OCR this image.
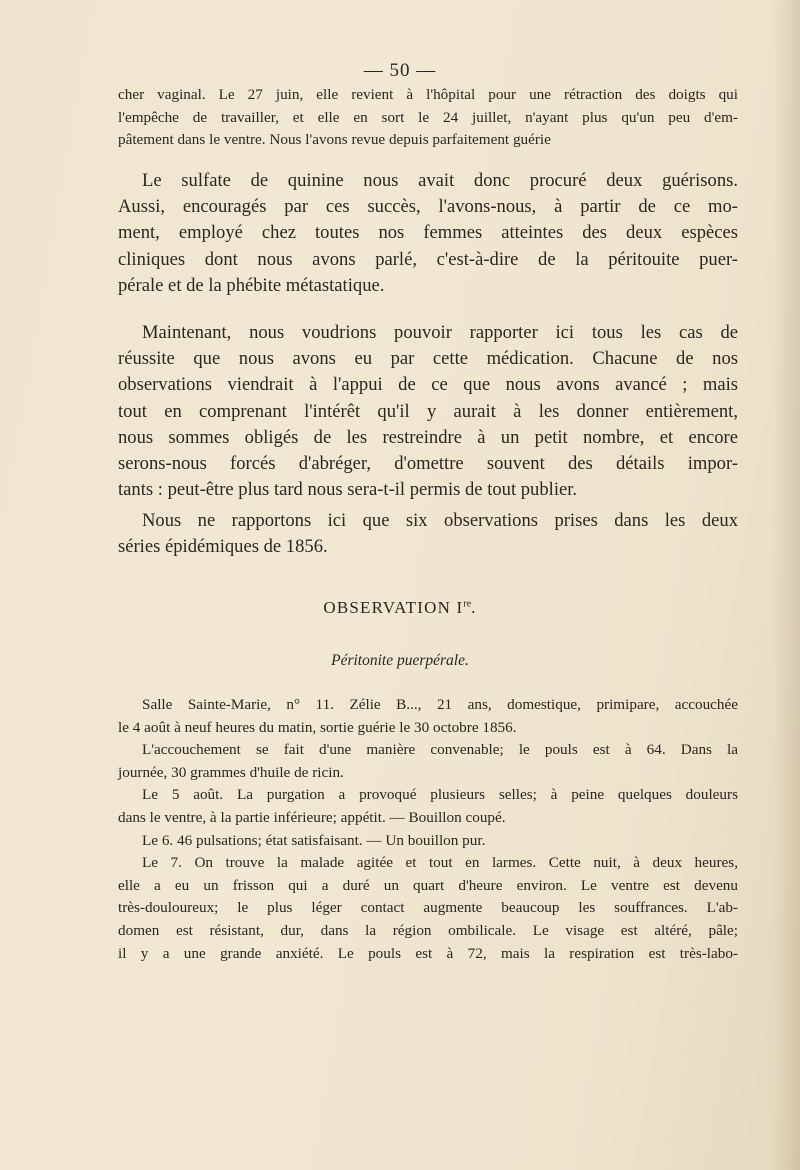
— 50 —
cher vaginal. Le 27 juin, elle revient à l'hôpital pour une rétraction des doigts qui
l'empêche de travailler, et elle en sort le 24 juillet, n'ayant plus qu'un peu d'em-
pâtement dans le ventre. Nous l'avons revue depuis parfaitement guérie
Le sulfate de quinine nous avait donc procuré deux guérisons.
Aussi, encouragés par ces succès, l'avons-nous, à partir de ce mo-
ment, employé chez toutes nos femmes atteintes des deux espèces
cliniques dont nous avons parlé, c'est-à-dire de la péritouite puer-
pérale et de la phébite métastatique.
Maintenant, nous voudrions pouvoir rapporter ici tous les cas de
réussite que nous avons eu par cette médication. Chacune de nos
observations viendrait à l'appui de ce que nous avons avancé ; mais
tout en comprenant l'intérêt qu'il y aurait à les donner entièrement,
nous sommes obligés de les restreindre à un petit nombre, et encore
serons-nous forcés d'abréger, d'omettre souvent des détails impor-
tants : peut-être plus tard nous sera-t-il permis de tout publier.
Nous ne rapportons ici que six observations prises dans les deux
séries épidémiques de 1856.
OBSERVATION Ire.
Péritonite puerpérale.
Salle Sainte-Marie, n° 11. Zélie B..., 21 ans, domestique, primipare, accouchée
le 4 août à neuf heures du matin, sortie guérie le 30 octobre 1856.
L'accouchement se fait d'une manière convenable; le pouls est à 64. Dans la
journée, 30 grammes d'huile de ricin.
Le 5 août. La purgation a provoqué plusieurs selles; à peine quelques douleurs
dans le ventre, à la partie inférieure; appétit. — Bouillon coupé.
Le 6. 46 pulsations; état satisfaisant. — Un bouillon pur.
Le 7. On trouve la malade agitée et tout en larmes. Cette nuit, à deux heures,
elle a eu un frisson qui a duré un quart d'heure environ. Le ventre est devenu
très-douloureux; le plus léger contact augmente beaucoup les souffrances. L'ab-
domen est résistant, dur, dans la région ombilicale. Le visage est altéré, pâle;
il y a une grande anxiété. Le pouls est à 72, mais la respiration est très-labo-
